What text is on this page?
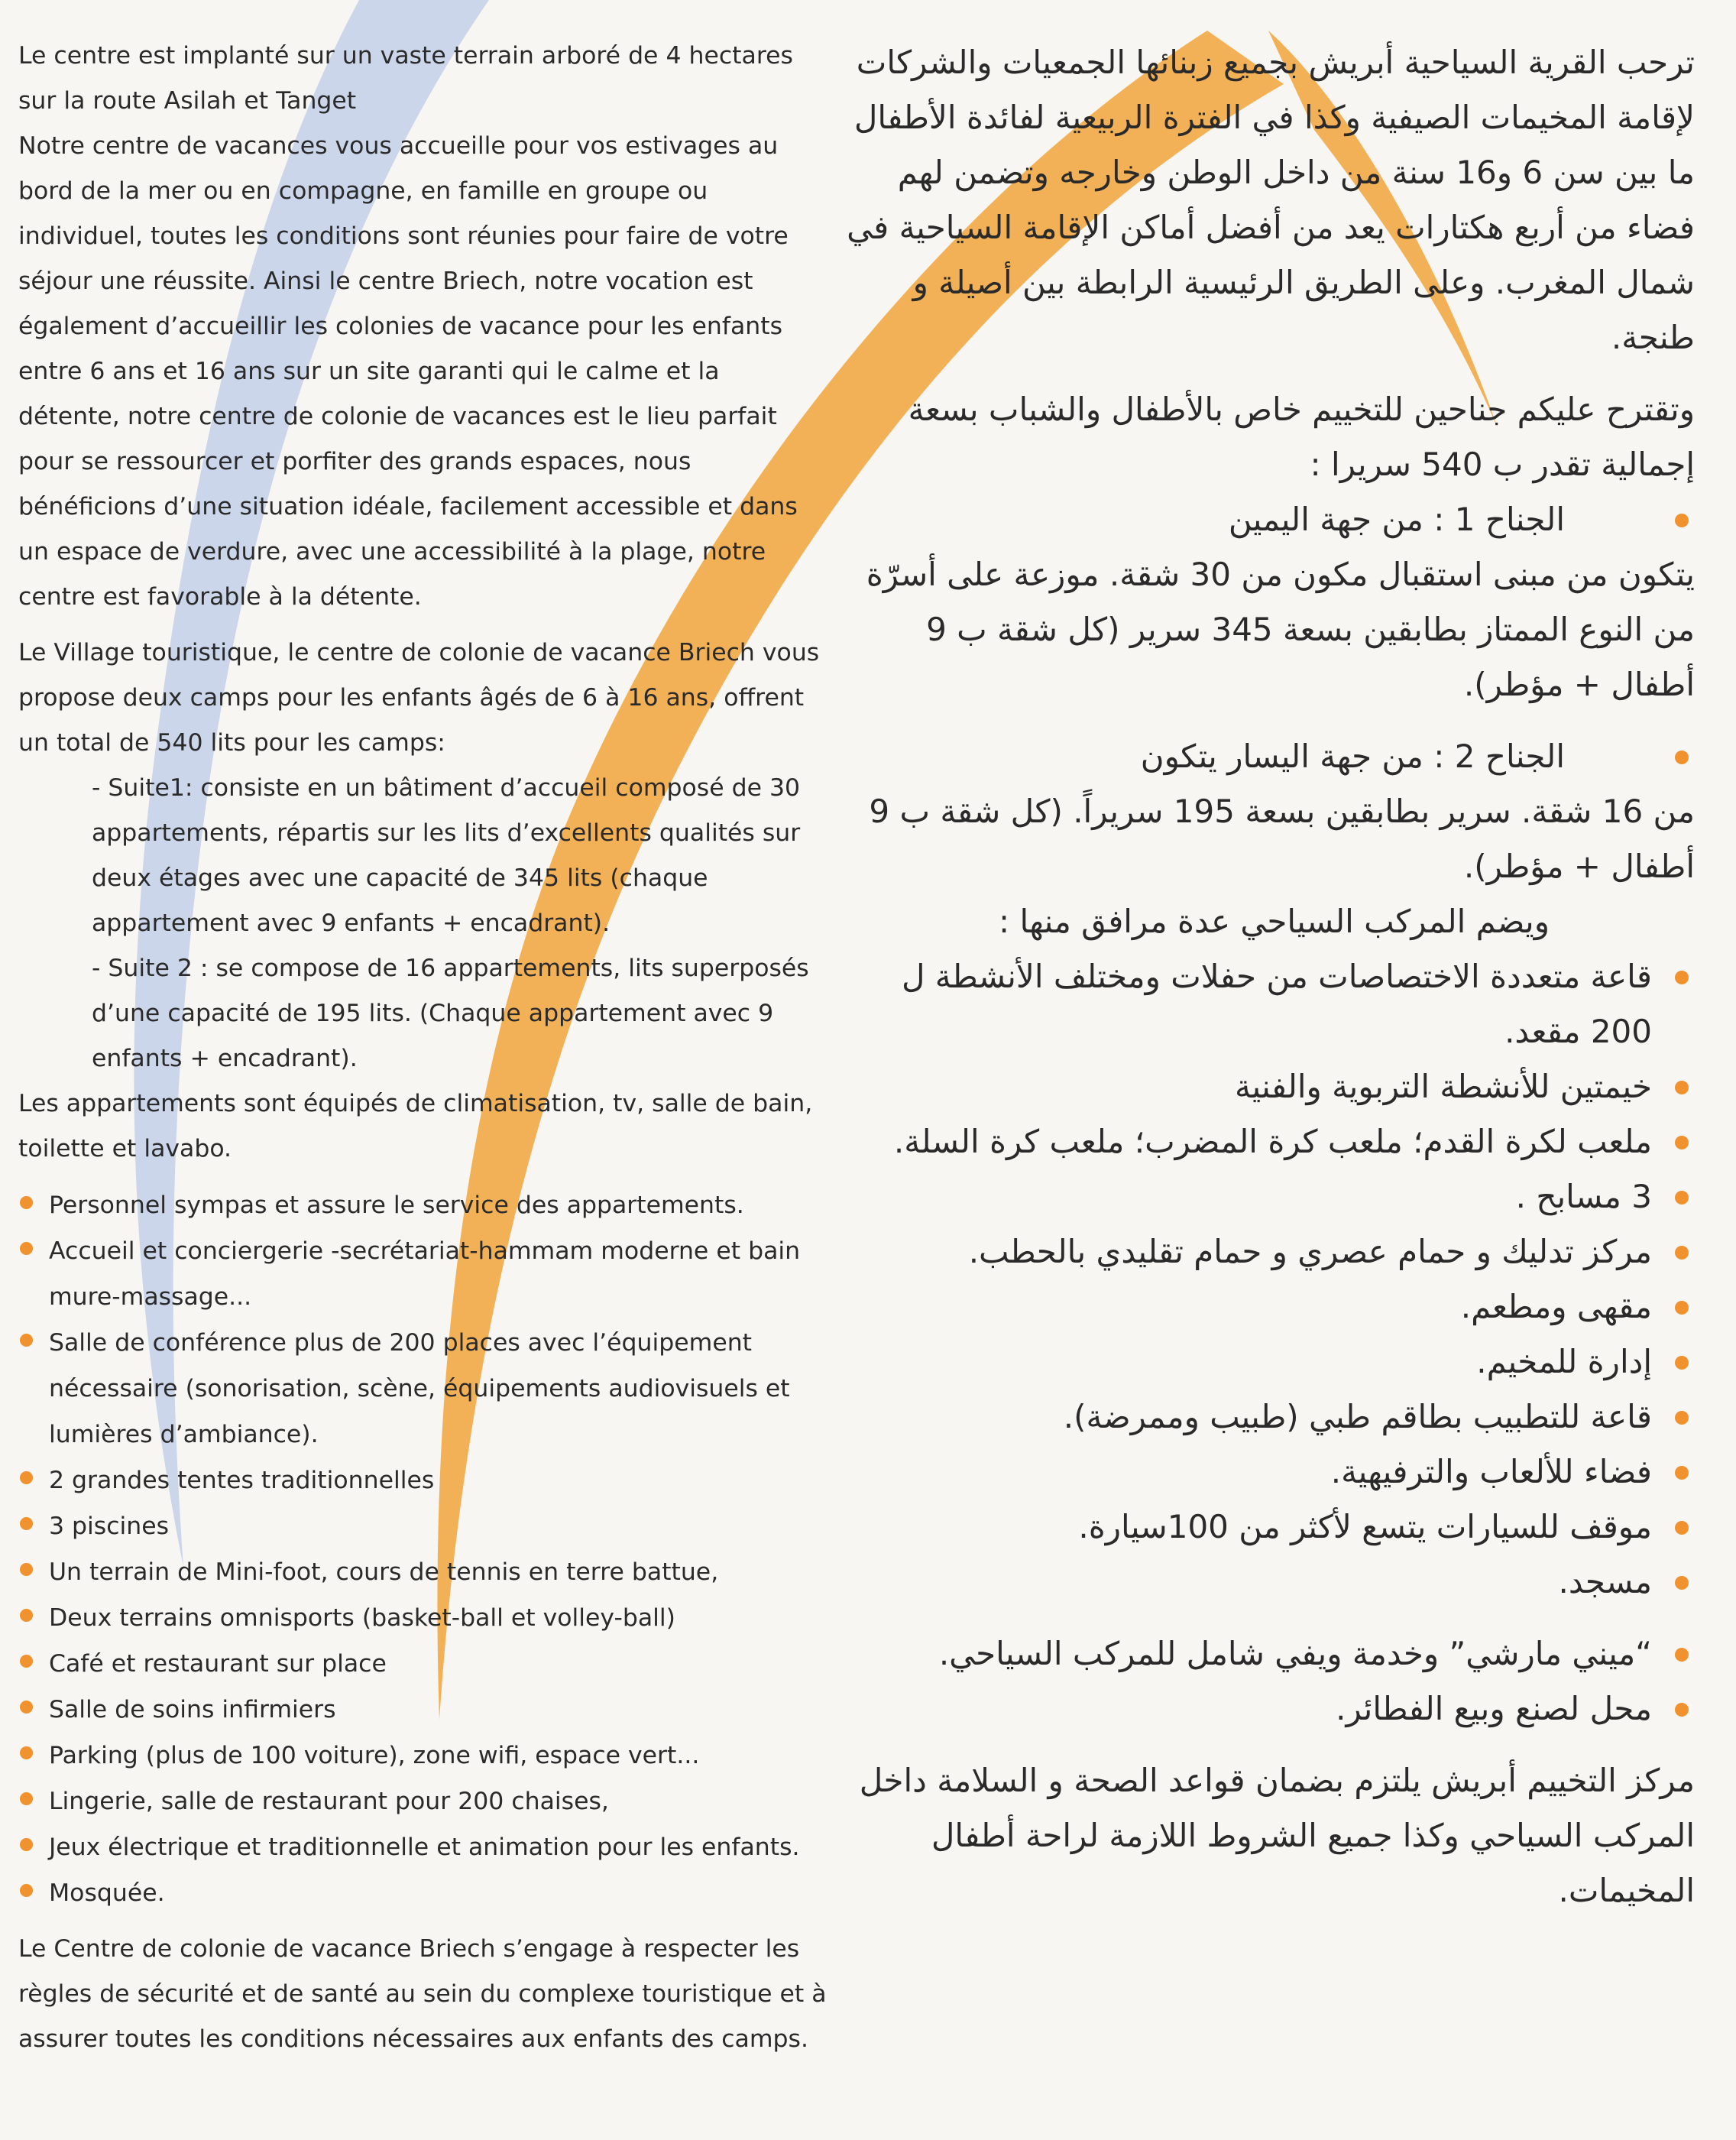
Le centre est implanté sur un vaste terrain arboré de 4 hectares sur la route Asilah et Tanget

Notre centre de vacances vous accueille pour vos estivages au bord de la mer ou en compagne, en famille en groupe ou individuel, toutes les conditions sont réunies pour faire de votre séjour une réussite. Ainsi le centre Briech, notre vocation est également d’accueillir les colonies de vacance pour les enfants entre 6 ans et 16 ans sur un site garanti qui le calme et la détente, notre centre de colonie de vacances est le lieu parfait pour se ressourcer et porfiter des grands espaces, nous bénéficions d’une situation idéale, facilement accessible et dans un espace de verdure, avec une accessibilité à la plage, notre centre est favorable à la détente.

Le Village touristique, le centre de colonie de vacance Briech vous propose deux camps pour les enfants âgés de 6 à 16 ans, offrent un total de 540 lits pour les camps:

- Suite1: consiste en un bâtiment d’accueil composé de 30 appartements, répartis sur les lits d’excellents qualités sur deux étages avec une capacité de 345 lits (chaque appartement avec 9 enfants + encadrant).

- Suite 2 : se compose de 16 appartements, lits superposés d’une capacité de 195 lits. (Chaque appartement avec 9 enfants + encadrant).

Les appartements sont équipés de climatisation, tv, salle de bain, toilette et lavabo.

Personnel sympas et assure le service des appartements.

Accueil et conciergerie -secrétariat-hammam moderne et bain mure-massage...

Salle de conférence plus de 200 places avec l’équipement nécessaire (sonorisation, scène, équipements audiovisuels et lumières d’ambiance).

2 grandes tentes traditionnelles

3 piscines

Un terrain de Mini-foot, cours de tennis en terre battue,

Deux terrains omnisports (basket-ball et volley-ball)

Café et restaurant sur place

Salle de soins infirmiers

Parking (plus de 100 voiture), zone wifi, espace vert...

Lingerie, salle de restaurant pour 200 chaises,

Jeux électrique et traditionnelle et animation pour les enfants.

Mosquée.

Le Centre de colonie de vacance Briech s’engage à respecter les règles de sécurité et de santé au sein du complexe touristique et à assurer toutes les conditions nécessaires aux enfants des camps.

ترحب القرية السياحية أبريش بجميع زبنائها الجمعيات والشركات لإقامة المخيمات الصيفية وكذا في الفترة الربيعية لفائدة الأطفال ما بين سن 6 و16 سنة من داخل الوطن وخارجه وتضمن لهم فضاء من أربع هكتارات يعد من أفضل أماكن الإقامة السياحية في شمال المغرب. وعلى الطريق الرئيسية الرابطة بين أصيلة و طنجة.

وتقترح عليكم جناحين للتخييم خاص بالأطفال والشباب بسعة إجمالية تقدر ب 540 سريرا :

الجناح 1 : من جهة اليمين

يتكون من مبنى استقبال مكون من 30 شقة. موزعة على أسرّة من النوع الممتاز بطابقين بسعة 345 سرير (كل شقة ب 9 أطفال + مؤطر).

الجناح 2 : من جهة اليسار يتكون

من 16 شقة. سرير بطابقين بسعة 195 سريراً. (كل شقة ب 9 أطفال + مؤطر).

ويضم المركب السياحي عدة مرافق منها :

قاعة متعددة الاختصاصات من حفلات ومختلف الأنشطة ل 200 مقعد.

خيمتين للأنشطة التربوية والفنية

ملعب لكرة القدم؛ ملعب كرة المضرب؛ ملعب كرة السلة.

3 مسابح .

مركز تدليك و حمام عصري و حمام تقليدي بالحطب.

مقهى ومطعم.

إدارة للمخيم.

قاعة للتطبيب بطاقم طبي (طبيب وممرضة).

فضاء للألعاب والترفيهية.

موقف للسيارات يتسع لأكثر من 100سيارة.

مسجد.

“ميني مارشي” وخدمة ويفي شامل للمركب السياحي.

محل لصنع وبيع الفطائر.

مركز التخييم أبريش يلتزم بضمان قواعد الصحة و السلامة داخل المركب السياحي وكذا جميع الشروط اللازمة لراحة أطفال المخيمات.
